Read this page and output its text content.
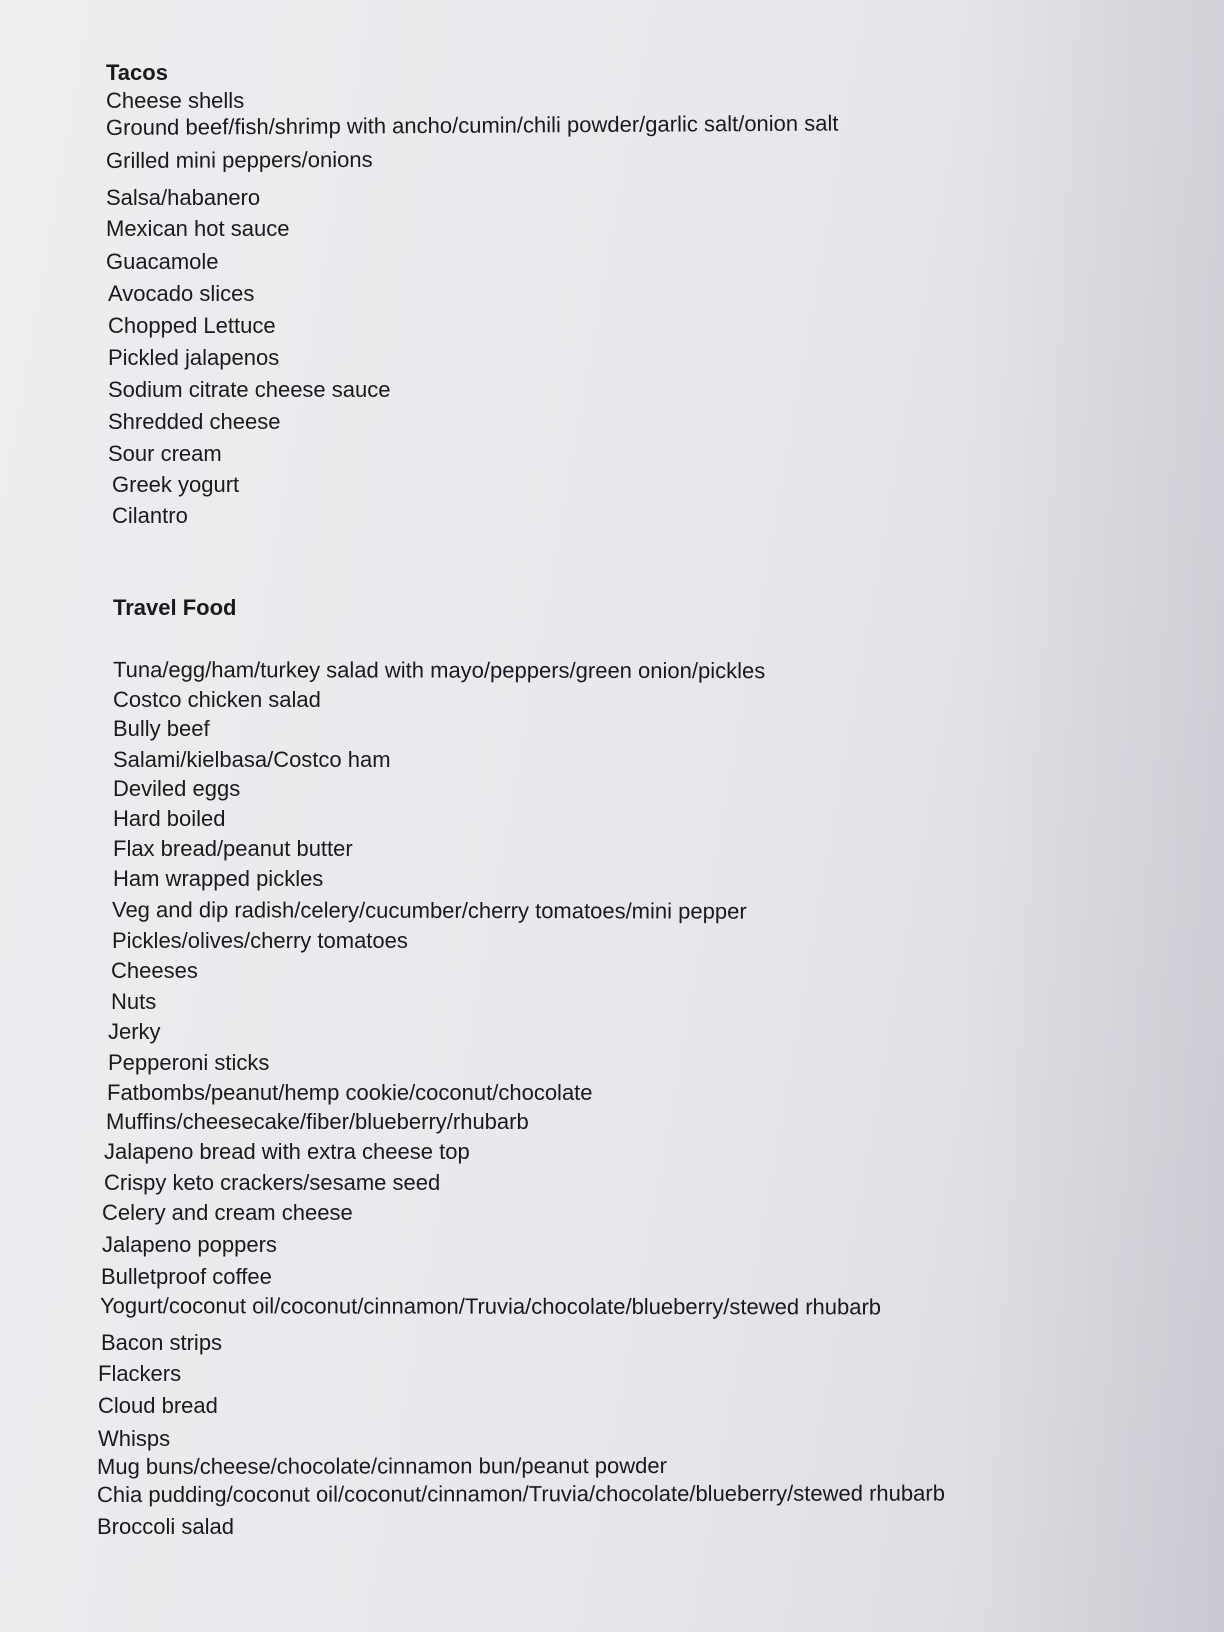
Tacos
Cheese shells
Ground beef/fish/shrimp with ancho/cumin/chili powder/garlic salt/onion salt
Grilled mini peppers/onions
Salsa/habanero
Mexican hot sauce
Guacamole
Avocado slices
Chopped Lettuce
Pickled jalapenos
Sodium citrate cheese sauce
Shredded cheese
Sour cream
Greek yogurt
Cilantro
Travel Food
Tuna/egg/ham/turkey salad with mayo/peppers/green onion/pickles
Costco chicken salad
Bully beef
Salami/kielbasa/Costco ham
Deviled eggs
Hard boiled
Flax bread/peanut butter
Ham wrapped pickles
Veg and dip radish/celery/cucumber/cherry tomatoes/mini pepper
Pickles/olives/cherry tomatoes
Cheeses
Nuts
Jerky
Pepperoni sticks
Fatbombs/peanut/hemp cookie/coconut/chocolate
Muffins/cheesecake/fiber/blueberry/rhubarb
Jalapeno bread with extra cheese top
Crispy keto crackers/sesame seed
Celery and cream cheese
Jalapeno poppers
Bulletproof coffee
Yogurt/coconut oil/coconut/cinnamon/Truvia/chocolate/blueberry/stewed rhubarb
Bacon strips
Flackers
Cloud bread
Whisps
Mug buns/cheese/chocolate/cinnamon bun/peanut powder
Chia pudding/coconut oil/coconut/cinnamon/Truvia/chocolate/blueberry/stewed rhubarb
Broccoli salad
